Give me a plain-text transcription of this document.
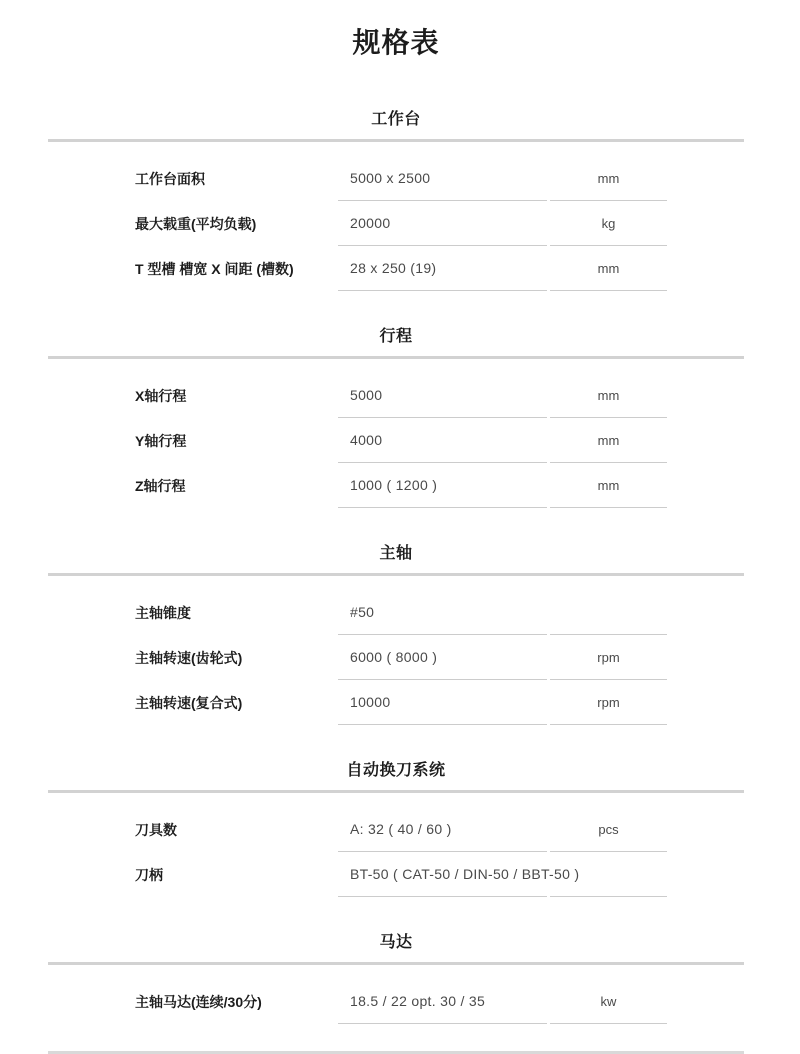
规格表
工作台
工作台面积	5000 x 2500	mm
最大载重(平均负载)	20000	kg
T 型槽 槽宽 X 间距 (槽数)	28 x 250 (19)	mm
行程
X轴行程	5000	mm
Y轴行程	4000	mm
Z轴行程	1000 ( 1200 )	mm
主轴
主轴锥度	#50
主轴转速(齿轮式)	6000 ( 8000 )	rpm
主轴转速(复合式)	10000	rpm
自动换刀系统
刀具数	A: 32 ( 40 / 60 )	pcs
刀柄	BT-50 ( CAT-50 / DIN-50 / BBT-50 )
马达
主轴马达(连续/30分)	18.5 / 22 opt. 30 / 35	kw
